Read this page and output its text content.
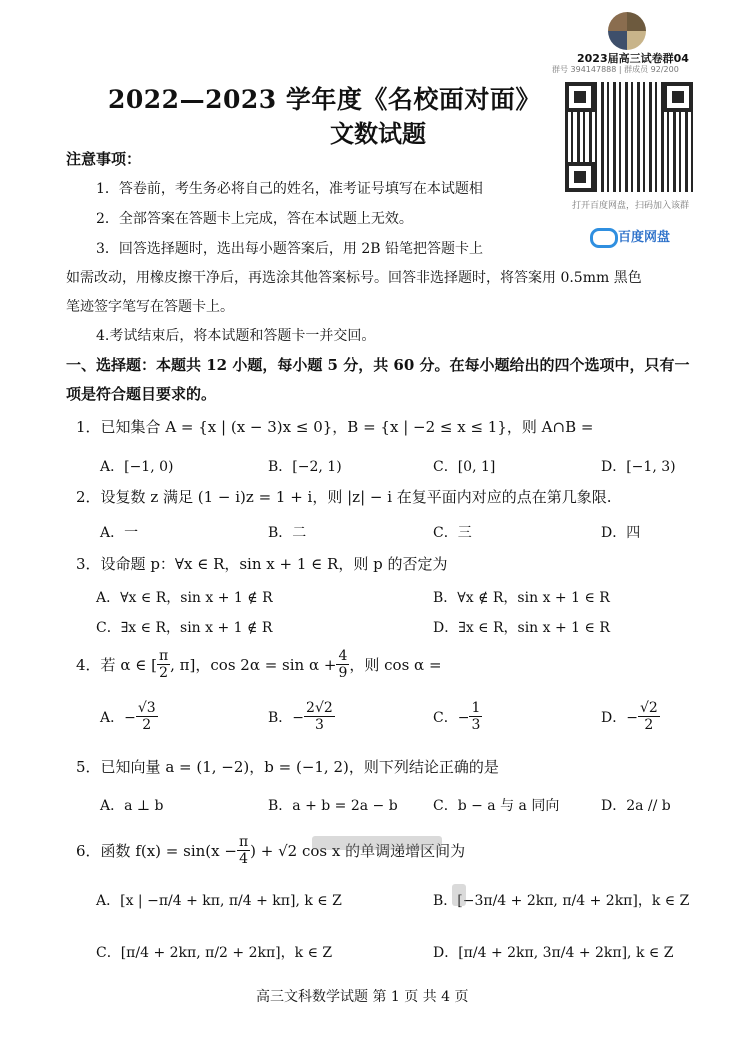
2022—2023 学年度《名校面对面》
文数试题
2023届高三试卷群04
群号 394147888 | 群成员 92/200
打开百度网盘，扫码加入该群
百度网盘
注意事项：
1．答卷前，考生务必将自己的姓名，准考证号填写在本试题相
2．全部答案在答题卡上完成，答在本试题上无效。
3．回答选择题时，选出每小题答案后，用 2B 铅笔把答题卡上
如需改动，用橡皮擦干净后，再选涂其他答案标号。回答非选择题时，将答案用 0.5mm 黑色
笔迹签字笔写在答题卡上。
4.考试结束后，将本试题和答题卡一并交回。
一、选择题：本题共 12 小题，每小题 5 分，共 60 分。在每小题给出的四个选项中，只有一
项是符合题目要求的。
1．已知集合 A = {x | (x − 3)x ≤ 0}，B = {x | −2 ≤ x ≤ 1}，则 A∩B =
A．[−1, 0)	B．[−2, 1)	C．[0, 1]	D．[−1, 3)
2．设复数 z 满足 (1 − i)z = 1 + i，则 |z| − i 在复平面内对应的点在第几象限.
A．一	B．二	C．三	D．四
3．设命题 p：∀x ∈ R，sin x + 1 ∈ R，则 p 的否定为
A．∀x ∈ R，sin x + 1 ∉ R	B．∀x ∉ R，sin x + 1 ∈ R
C．∃x ∈ R，sin x + 1 ∉ R	D．∃x ∈ R，sin x + 1 ∈ R
4． 若 α ∈ [ $\frac{\pi}{2}$ , π]，$\cos 2\alpha = \sin \alpha + \frac{4}{9}$ ，则 cos α =
A．− $\frac{√3}{2}$	B．− $\frac{2√2}{3}$	C．− $\frac{1}{3}$	D．− $\frac{√2}{2}$
5．已知向量 a = (1, −2)，b = (−1, 2)，则下列结论正确的是
A．a ⊥ b	B．a + b = 2a − b	C．b − a 与 a 同向	D．2a // b
6． 函数 $f(x) = \sin(x - \frac{\pi}{4}$ ) + √2 cos x 的单调递增区间为
A．[x | −π/4 + kπ, π/4 + kπ], k ∈ Z	B．[−3π/4 + 2kπ, π/4 + 2kπ]，k ∈ Z
C．[π/4 + 2kπ, π/2 + 2kπ]，k ∈ Z	D．[π/4 + 2kπ, 3π/4 + 2kπ], k ∈ Z
高三文科数学试题 第 1 页 共 4 页
